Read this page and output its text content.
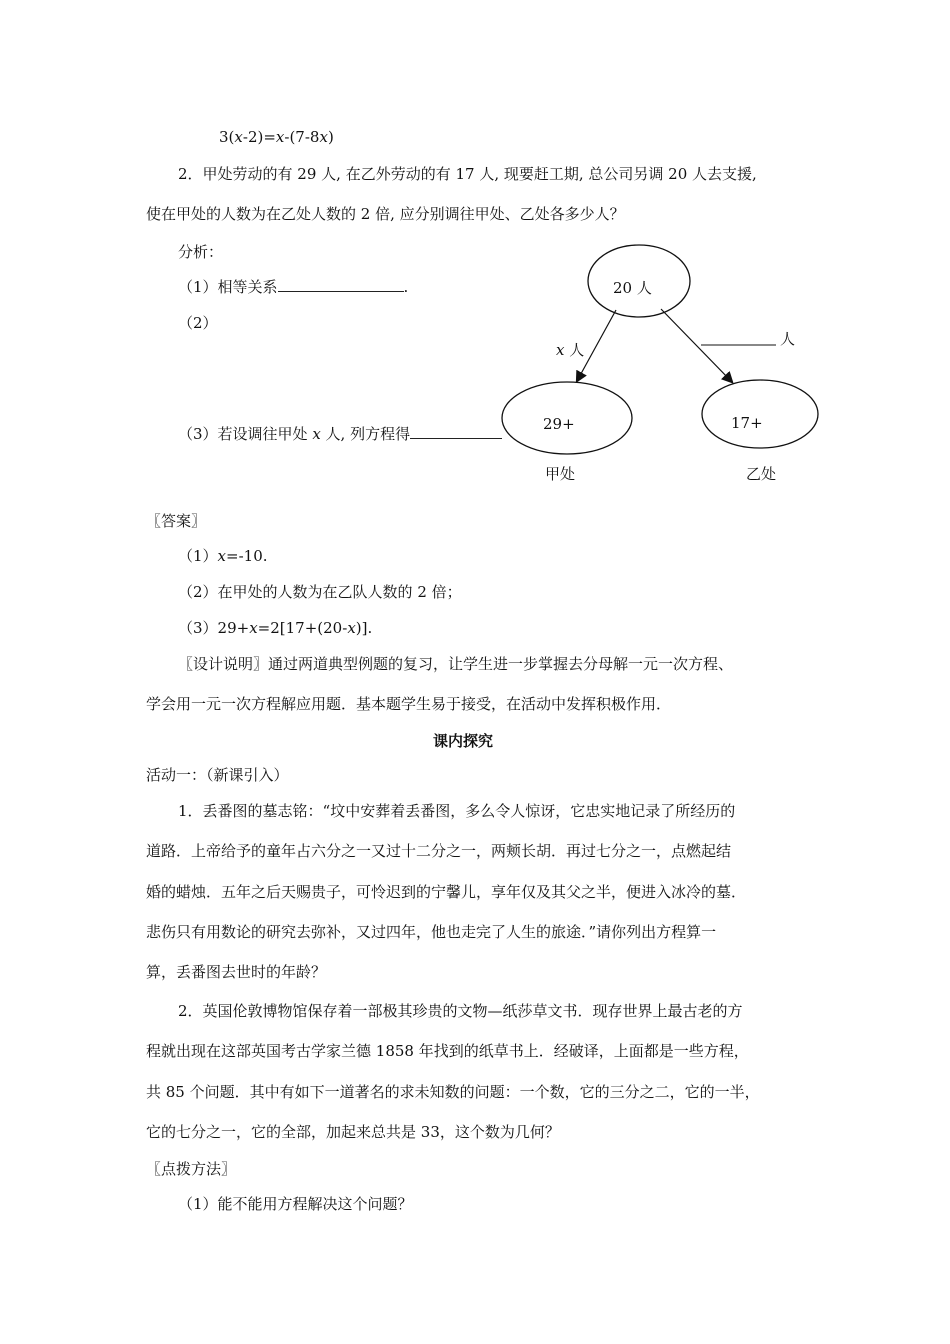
3(x-2)=x-(7-8x)
2．甲处劳动的有 29 人, 在乙外劳动的有 17 人, 现要赶工期, 总公司另调 20 人去支援,
使在甲处的人数为在乙处人数的 2 倍, 应分别调往甲处、乙处各多少人？
分析：
（1）相等关系	.
（2）
（3）若设调往甲处 x 人, 列方程得
20 人
x 人
人
29+	17+
甲处	乙处
〖答案〗
（1）x=-10.
（2）在甲处的人数为在乙队人数的 2 倍；
（3）29+x=2[17+(20-x)].
〖设计说明〗通过两道典型例题的复习，让学生进一步掌握去分母解一元一次方程、
学会用一元一次方程解应用题．基本题学生易于接受，在活动中发挥积极作用．
课内探究
活动一：（新课引入）
1．丢番图的墓志铭：“坟中安葬着丢番图，多么令人惊讶，它忠实地记录了所经历的
道路．上帝给予的童年占六分之一又过十二分之一，两颊长胡．再过七分之一，点燃起结
婚的蜡烛．五年之后天赐贵子，可怜迟到的宁馨儿，享年仅及其父之半，便进入冰冷的墓．
悲伤只有用数论的研究去弥补，又过四年，他也走完了人生的旅途．”请你列出方程算一
算，丢番图去世时的年龄？
2．英国伦敦博物馆保存着一部极其珍贵的文物—纸莎草文书．现存世界上最古老的方
程就出现在这部英国考古学家兰德 1858 年找到的纸草书上．经破译，上面都是一些方程，
共 85 个问题．其中有如下一道著名的求未知数的问题：一个数，它的三分之二，它的一半，
它的七分之一，它的全部，加起来总共是 33，这个数为几何？
〖点拨方法〗
（1）能不能用方程解决这个问题？
